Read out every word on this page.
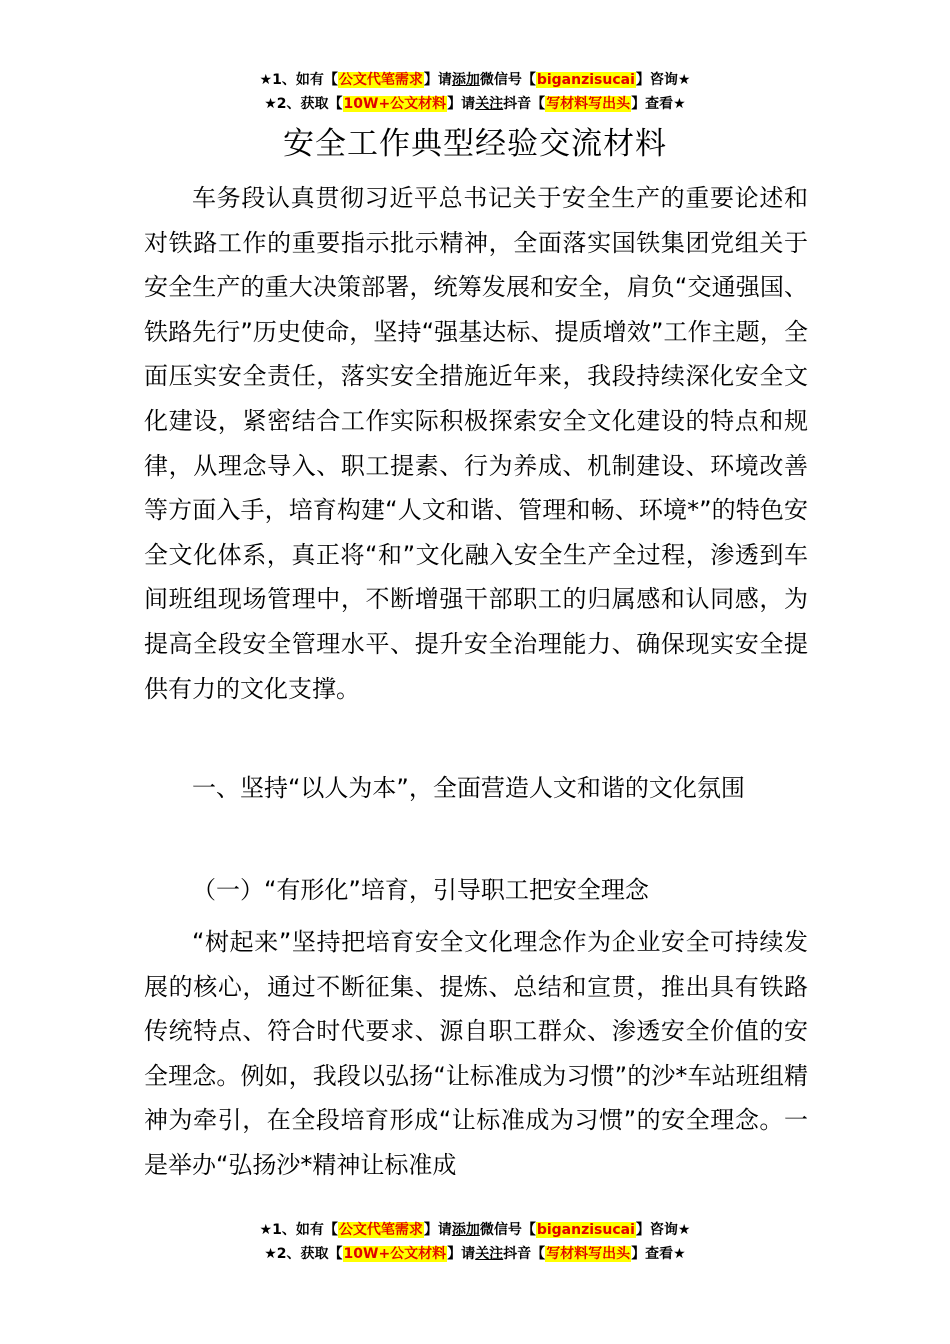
★1、如有【公文代笔需求】请添加微信号【biganzisucai】咨询★
★2、获取【10W+公文材料】请关注抖音【写材料写出头】查看★
安全工作典型经验交流材料

车务段认真贯彻习近平总书记关于安全生产的重要论述和对铁路工作的重要指示批示精神，全面落实国铁集团党组关于安全生产的重大决策部署，统筹发展和安全，肩负“交通强国、铁路先行”历史使命，坚持“强基达标、提质增效”工作主题，全面压实安全责任，落实安全措施近年来，我段持续深化安全文化建设，紧密结合工作实际积极探索安全文化建设的特点和规律，从理念导入、职工提素、行为养成、机制建设、环境改善等方面入手，培育构建“人文和谐、管理和畅、环境*”的特色安全文化体系，真正将“和”文化融入安全生产全过程，渗透到车间班组现场管理中，不断增强干部职工的归属感和认同感，为提高全段安全管理水平、提升安全治理能力、确保现实安全提供有力的文化支撑。

一、坚持“以人为本”，全面营造人文和谐的文化氛围

（一）“有形化”培育，引导职工把安全理念

“树起来”坚持把培育安全文化理念作为企业安全可持续发展的核心，通过不断征集、提炼、总结和宣贯，推出具有铁路传统特点、符合时代要求、源自职工群众、渗透安全价值的安全理念。例如，我段以弘扬“让标准成为习惯”的沙*车站班组精神为牵引，在全段培育形成“让标准成为习惯”的安全理念。一是举办“弘扬沙*精神让标准成

★1、如有【公文代笔需求】请添加微信号【biganzisucai】咨询★
★2、获取【10W+公文材料】请关注抖音【写材料写出头】查看★
